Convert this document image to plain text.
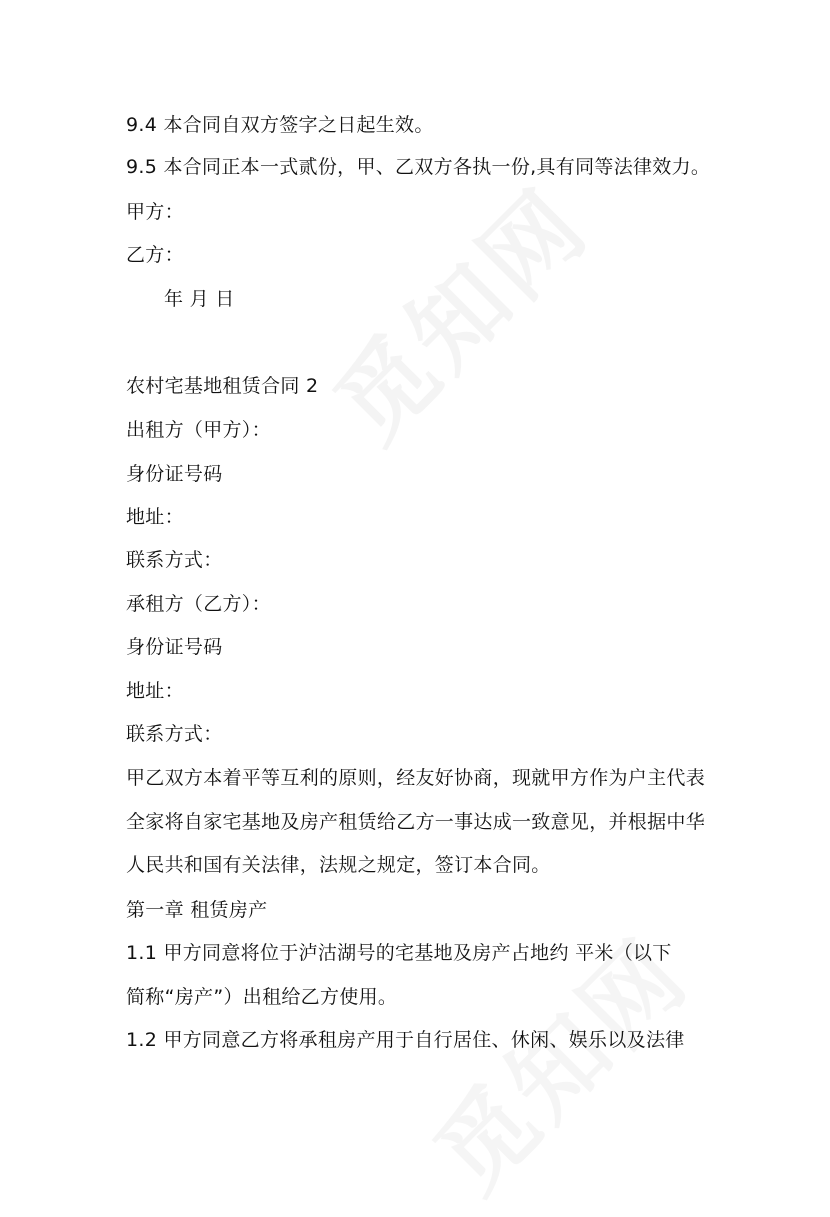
9.4 本合同自双方签字之日起生效。
9.5 本合同正本一式贰份，甲、乙双方各执一份,具有同等法律效力。
甲方：
乙方：
年 月 日
农村宅基地租赁合同 2
出租方（甲方）：
身份证号码
地址：
联系方式：
承租方（乙方）：
身份证号码
地址：
联系方式：
甲乙双方本着平等互利的原则，经友好协商，现就甲方作为户主代表
全家将自家宅基地及房产租赁给乙方一事达成一致意见，并根据中华
人民共和国有关法律，法规之规定，签订本合同。
第一章 租赁房产
1.1 甲方同意将位于泸沽湖号的宅基地及房产占地约 平米（以下
简称“房产”）出租给乙方使用。
1.2 甲方同意乙方将承租房产用于自行居住、休闲、娱乐以及法律
